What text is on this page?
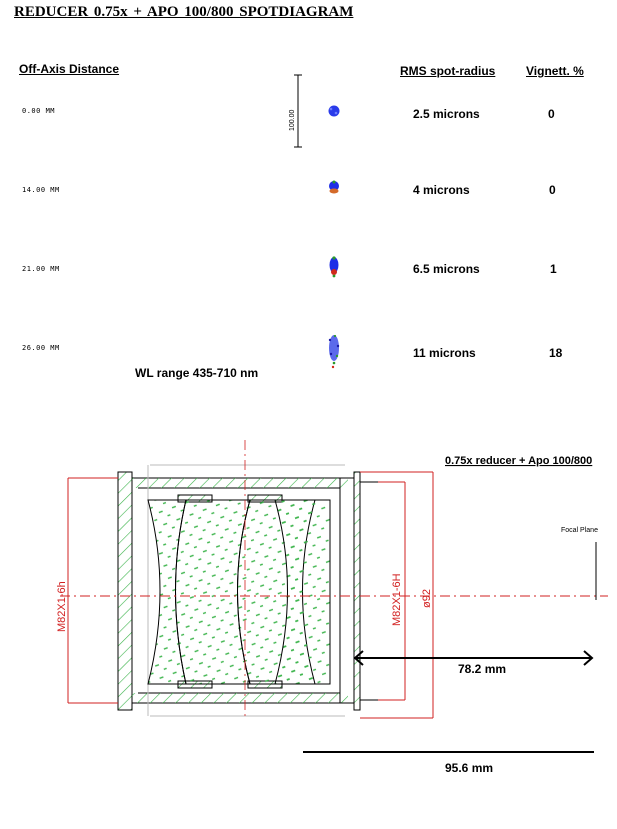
REDUCER 0.75x + APO 100/800 SPOTDIAGRAM
Off-Axis Distance	RMS spot-radius	Vignett. %
0.00 MM	2.5 microns	0
14.00 MM	4 microns	0
21.00 MM	6.5 microns	1
26.00 MM	11 microns	18
WL range 435-710 nm
100.00
0.75x reducer + Apo 100/800
M82X1-6h	M82X1-6H ø92
Focal Plane
78.2 mm
95.6 mm
